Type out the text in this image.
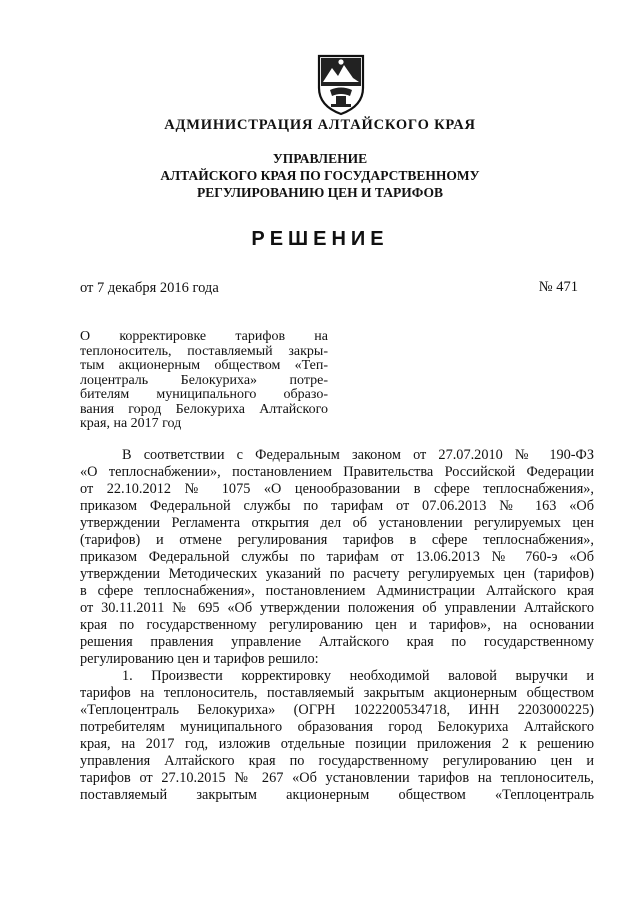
АДМИНИСТРАЦИЯ АЛТАЙСКОГО КРАЯ
УПРАВЛЕНИЕ
АЛТАЙСКОГО КРАЯ ПО ГОСУДАРСТВЕННОМУ
РЕГУЛИРОВАНИЮ ЦЕН И ТАРИФОВ
РЕШЕНИЕ
от 7 декабря 2016 года	№ 471
О корректировке тарифов на
теплоноситель, поставляемый закры-
тым акционерным обществом «Теп-
лоцентраль Белокуриха» потре-
бителям муниципального образо-
вания город Белокуриха Алтайского
края, на 2017 год
В соответствии с Федеральным законом от 27.07.2010 № 190-ФЗ
«О теплоснабжении», постановлением Правительства Российской Федерации
от 22.10.2012 № 1075 «О ценообразовании в сфере теплоснабжения»,
приказом Федеральной службы по тарифам от 07.06.2013 № 163 «Об
утверждении Регламента открытия дел об установлении регулируемых цен
(тарифов) и отмене регулирования тарифов в сфере теплоснабжения»,
приказом Федеральной службы по тарифам от 13.06.2013 № 760-э «Об
утверждении Методических указаний по расчету регулируемых цен (тарифов)
в сфере теплоснабжения», постановлением Администрации Алтайского края
от 30.11.2011 № 695 «Об утверждении положения об управлении Алтайского
края по государственному регулированию цен и тарифов», на основании
решения правления управление Алтайского края по государственному
регулированию цен и тарифов решило:
1. Произвести корректировку необходимой валовой выручки и
тарифов на теплоноситель, поставляемый закрытым акционерным обществом
«Теплоцентраль Белокуриха» (ОГРН 1022200534718, ИНН 2203000225)
потребителям муниципального образования город Белокуриха Алтайского
края, на 2017 год, изложив отдельные позиции приложения 2 к решению
управления Алтайского края по государственному регулированию цен и
тарифов от 27.10.2015 № 267 «Об установлении тарифов на теплоноситель,
поставляемый закрытым акционерным обществом «Теплоцентраль
